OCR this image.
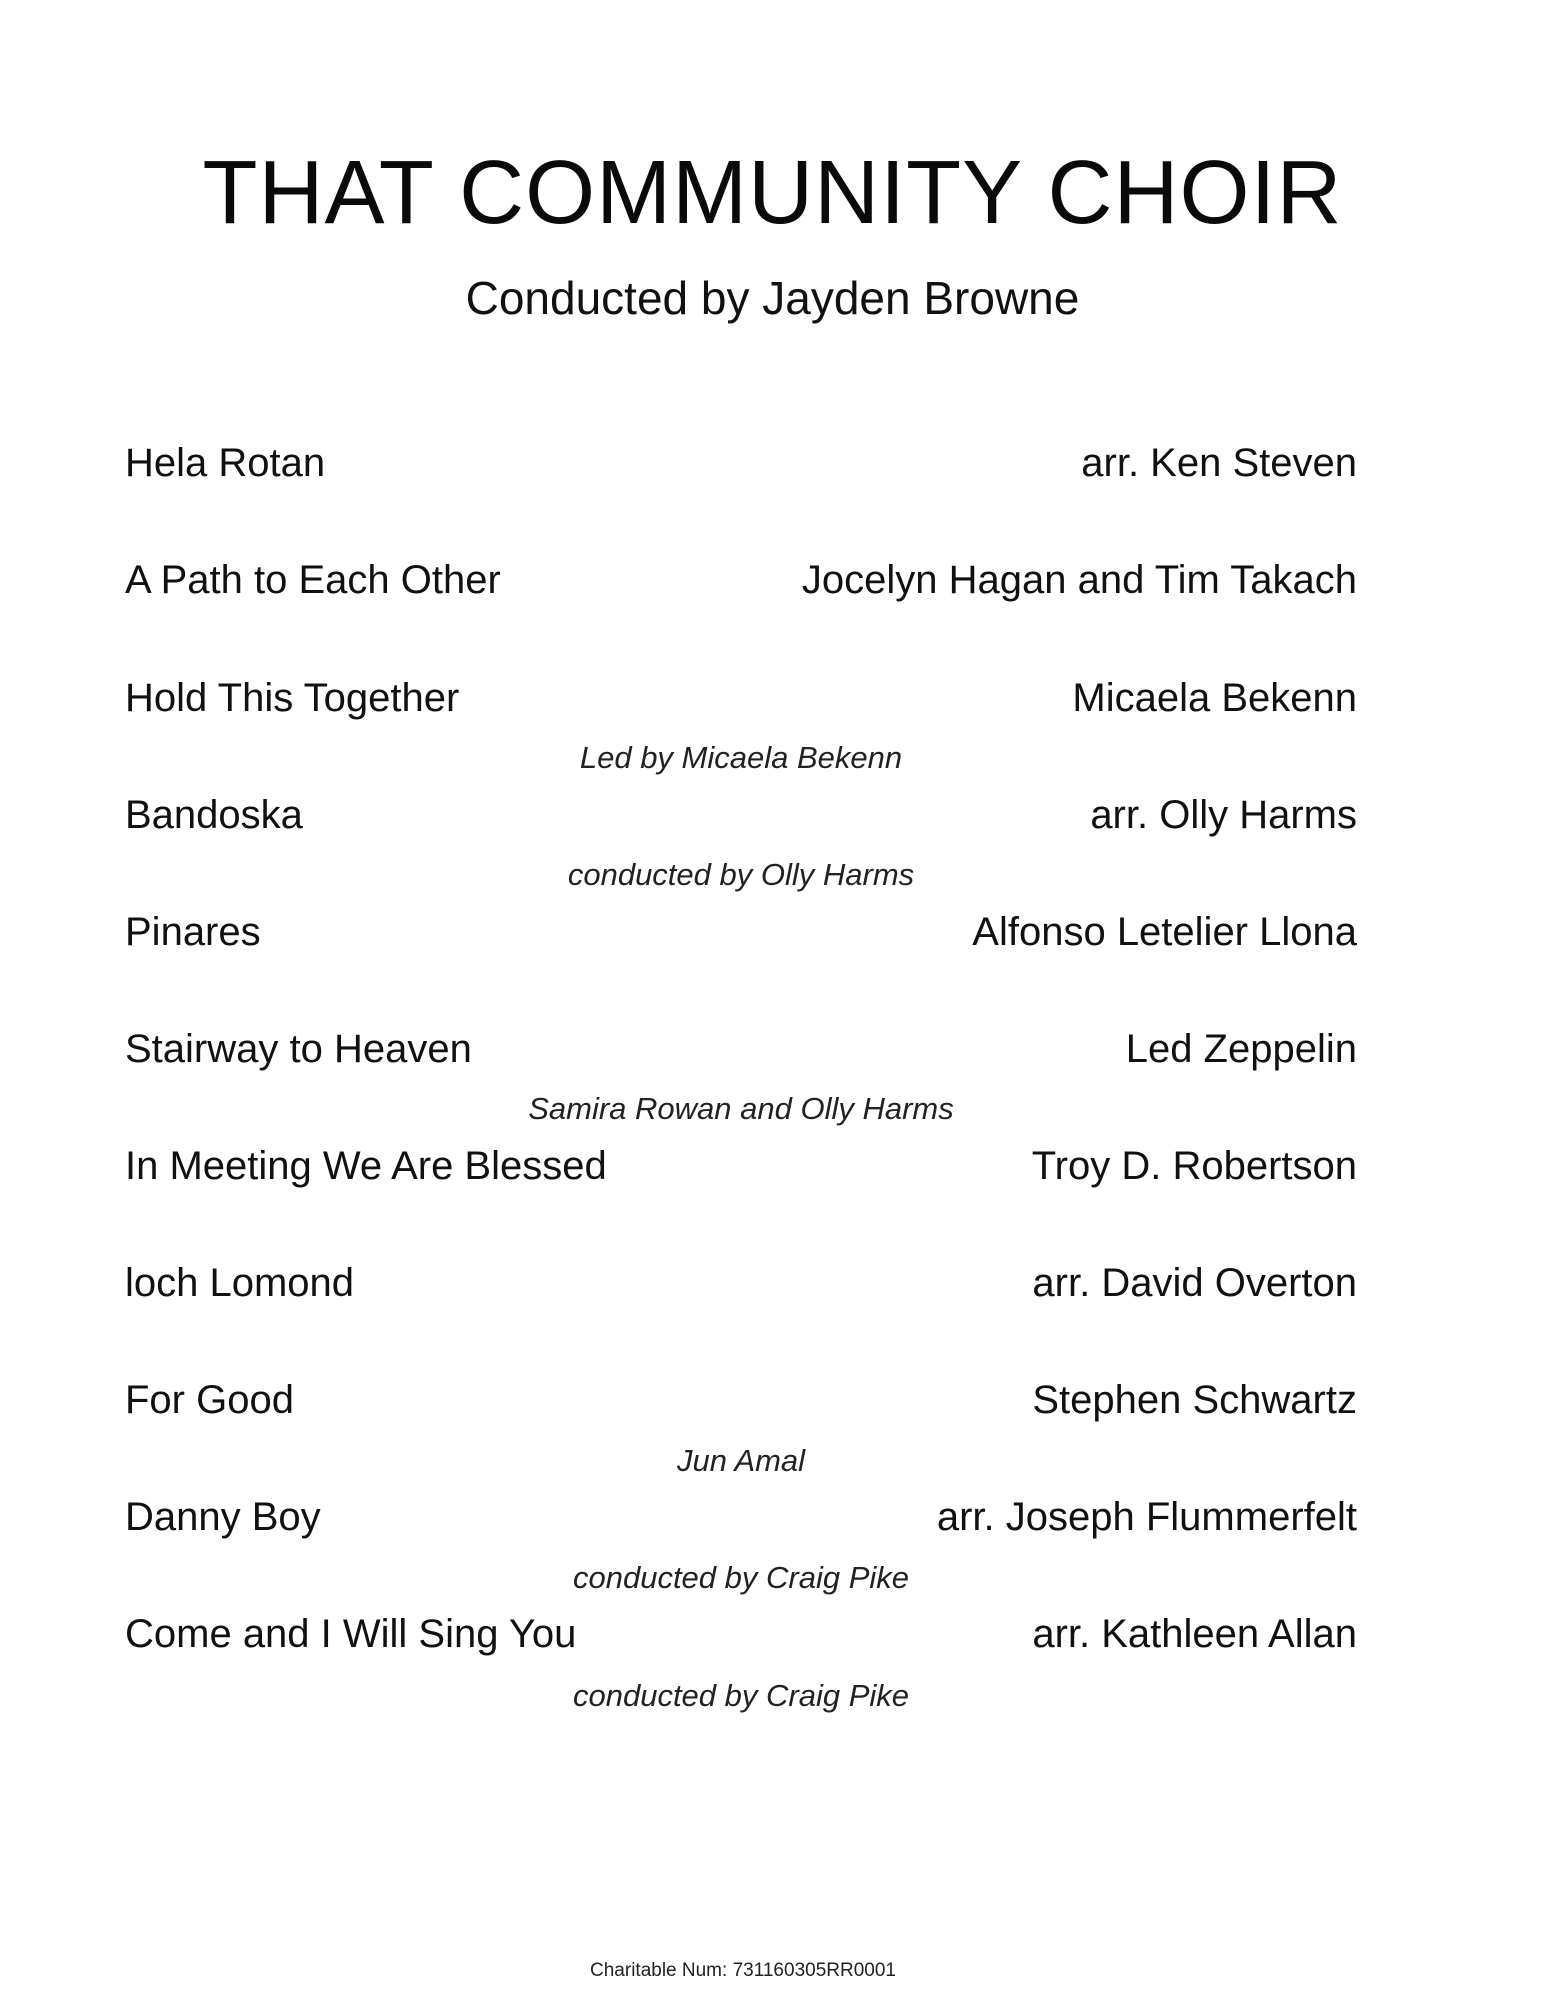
THAT COMMUNITY CHOIR
Conducted by Jayden Browne
Hela Rotan	arr. Ken Steven
A Path to Each Other	Jocelyn Hagan and Tim Takach
Hold This Together	Micaela Bekenn
Led by Micaela Bekenn
Bandoska	arr. Olly Harms
conducted by Olly Harms
Pinares	Alfonso Letelier Llona
Stairway to Heaven	Led Zeppelin
Samira Rowan and Olly Harms
In Meeting We Are Blessed	Troy D. Robertson
loch Lomond	arr. David Overton
For Good	Stephen Schwartz
Jun Amal
Danny Boy	arr. Joseph Flummerfelt
conducted by Craig Pike
Come and I Will Sing You	arr. Kathleen Allan
conducted by Craig Pike
Charitable Num: 731160305RR0001
